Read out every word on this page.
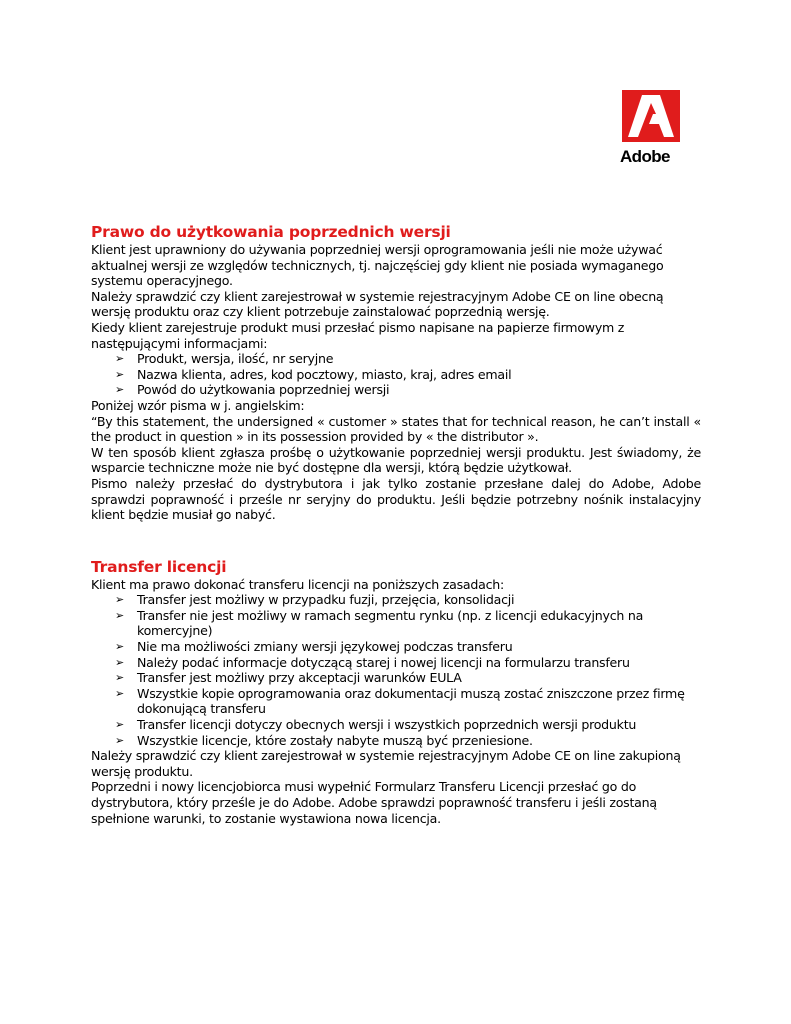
Adobe
Prawo do użytkowania poprzednich wersji

Klient jest uprawniony do używania poprzedniej wersji oprogramowania jeśli nie może używać aktualnej wersji ze względów technicznych, tj. najczęściej gdy klient nie posiada wymaganego systemu operacyjnego.

Należy sprawdzić czy klient zarejestrował w systemie rejestracyjnym Adobe CE on line obecną wersję produktu oraz czy klient potrzebuje zainstalować poprzednią wersję.

Kiedy klient zarejestruje produkt musi przesłać pismo napisane na papierze firmowym z następującymi informacjami:

➢ Produkt, wersja, ilość, nr seryjne
➢ Nazwa klienta, adres, kod pocztowy, miasto, kraj, adres email
➢ Powód do użytkowania poprzedniej wersji

Poniżej wzór pisma w j. angielskim:

“By this statement, the undersigned « customer » states that for technical reason, he can’t install « the product in question » in its possession provided by « the distributor ».

W ten sposób klient zgłasza prośbę o użytkowanie poprzedniej wersji produktu. Jest świadomy, że wsparcie techniczne może nie być dostępne dla wersji, którą będzie użytkował.

Pismo należy przesłać do dystrybutora i jak tylko zostanie przesłane dalej do Adobe, Adobe sprawdzi poprawność i prześle nr seryjny do produktu. Jeśli będzie potrzebny nośnik instalacyjny klient będzie musiał go nabyć.

Transfer licencji

Klient ma prawo dokonać transferu licencji na poniższych zasadach:

➢ Transfer jest możliwy w przypadku fuzji, przejęcia, konsolidacji
➢ Transfer nie jest możliwy w ramach segmentu rynku (np. z licencji edukacyjnych na komercyjne)
➢ Nie ma możliwości zmiany wersji językowej podczas transferu
➢ Należy podać informacje dotyczącą starej i nowej licencji na formularzu transferu
➢ Transfer jest możliwy przy akceptacji warunków EULA
➢ Wszystkie kopie oprogramowania oraz dokumentacji muszą zostać zniszczone przez firmę dokonującą transferu
➢ Transfer licencji dotyczy obecnych wersji i wszystkich poprzednich wersji produktu
➢ Wszystkie licencje, które zostały nabyte muszą być przeniesione.

Należy sprawdzić czy klient zarejestrował w systemie rejestracyjnym Adobe CE on line zakupioną wersję produktu.

Poprzedni i nowy licencjobiorca musi wypełnić Formularz Transferu Licencji przesłać go do dystrybutora, który prześle je do Adobe. Adobe sprawdzi poprawność transferu i jeśli zostaną spełnione warunki, to zostanie wystawiona nowa licencja.
